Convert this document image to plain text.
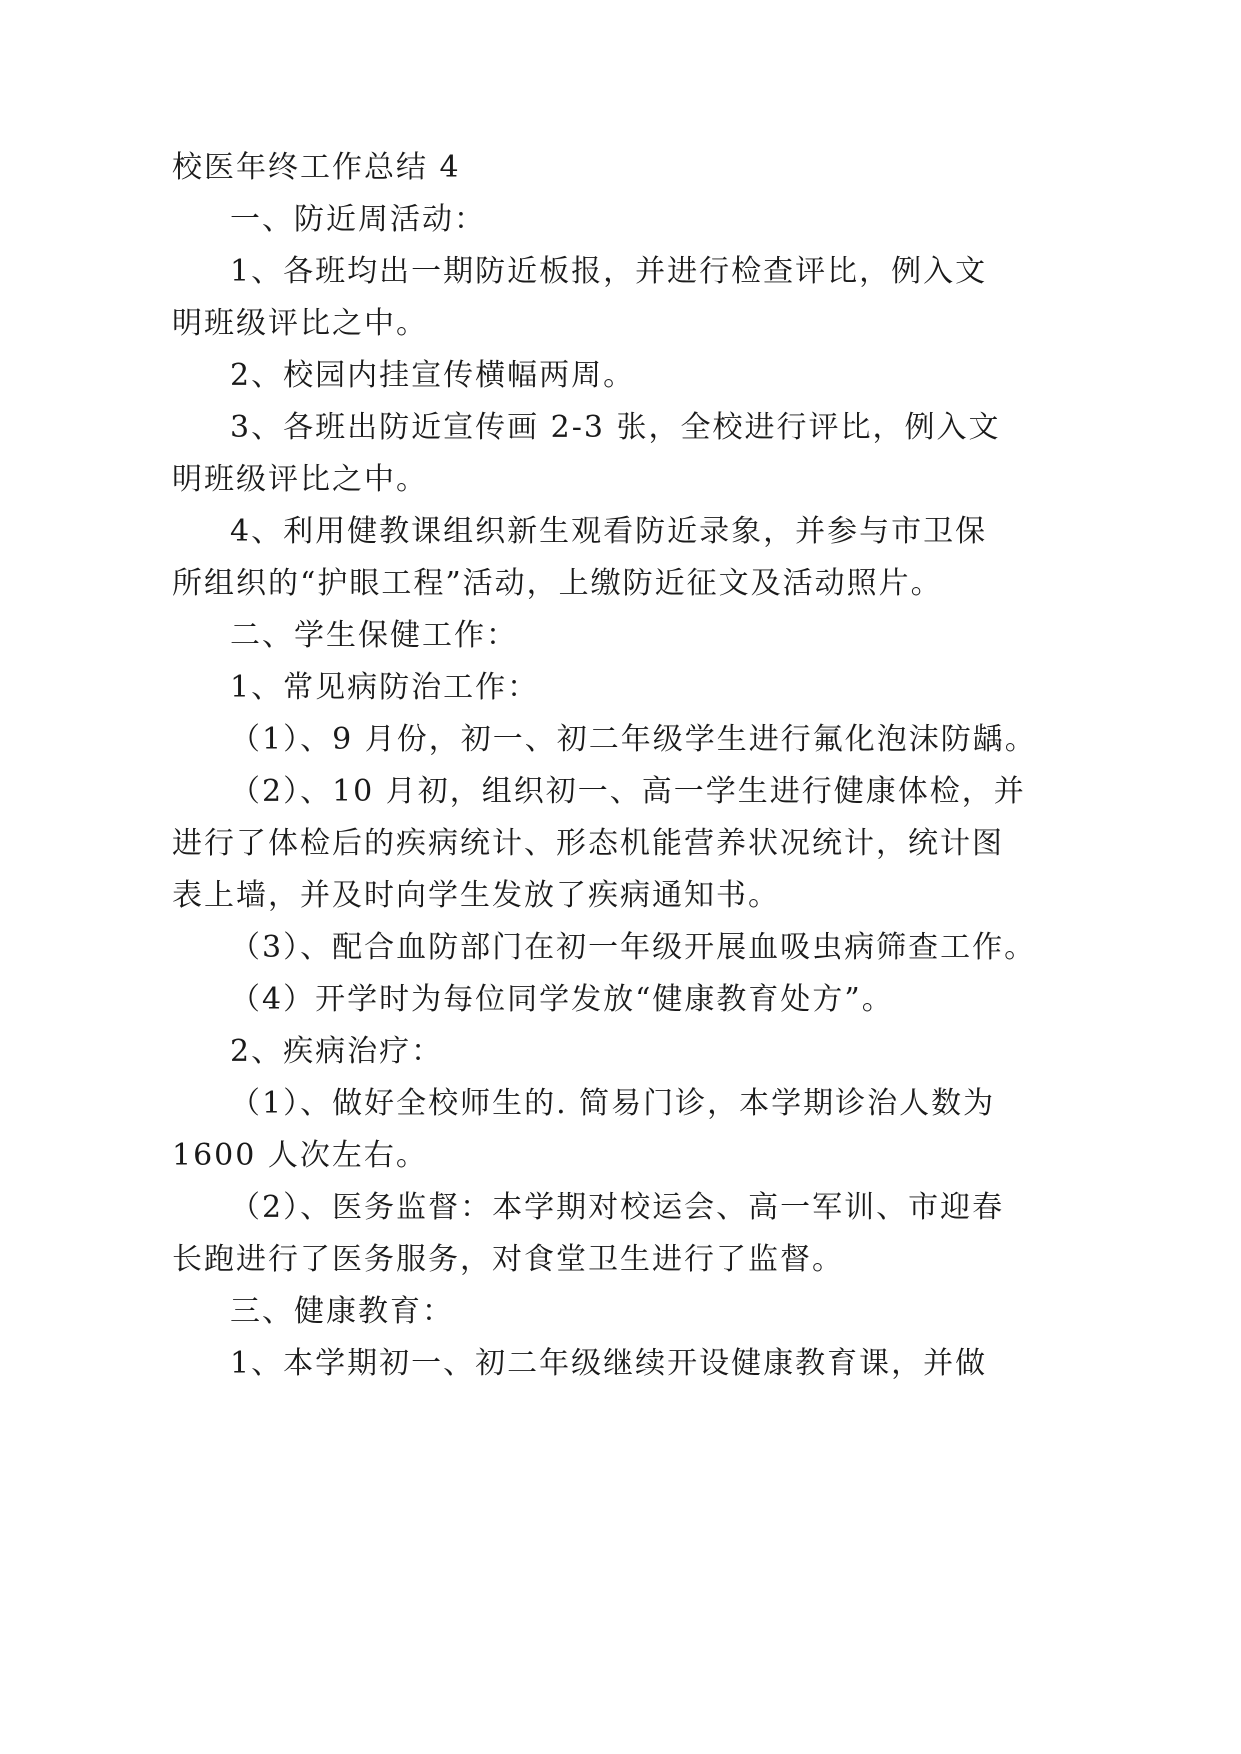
校医年终工作总结 4
一、防近周活动：
1、各班均出一期防近板报，并进行检查评比，例入文
明班级评比之中。
2、校园内挂宣传横幅两周。
3、各班出防近宣传画 2-3 张，全校进行评比，例入文
明班级评比之中。
4、利用健教课组织新生观看防近录象，并参与市卫保
所组织的“护眼工程”活动，上缴防近征文及活动照片。
二、学生保健工作：
1、常见病防治工作：
（1）、9 月份，初一、初二年级学生进行氟化泡沫防龋。
（2）、10 月初，组织初一、高一学生进行健康体检，并
进行了体检后的疾病统计、形态机能营养状况统计，统计图
表上墙，并及时向学生发放了疾病通知书。
（3）、配合血防部门在初一年级开展血吸虫病筛查工作。
（4）开学时为每位同学发放“健康教育处方”。
2、疾病治疗：
（1）、做好全校师生的. 简易门诊，本学期诊治人数为
1600 人次左右。
（2）、医务监督：本学期对校运会、高一军训、市迎春
长跑进行了医务服务，对食堂卫生进行了监督。
三、健康教育：
1、本学期初一、初二年级继续开设健康教育课，并做
